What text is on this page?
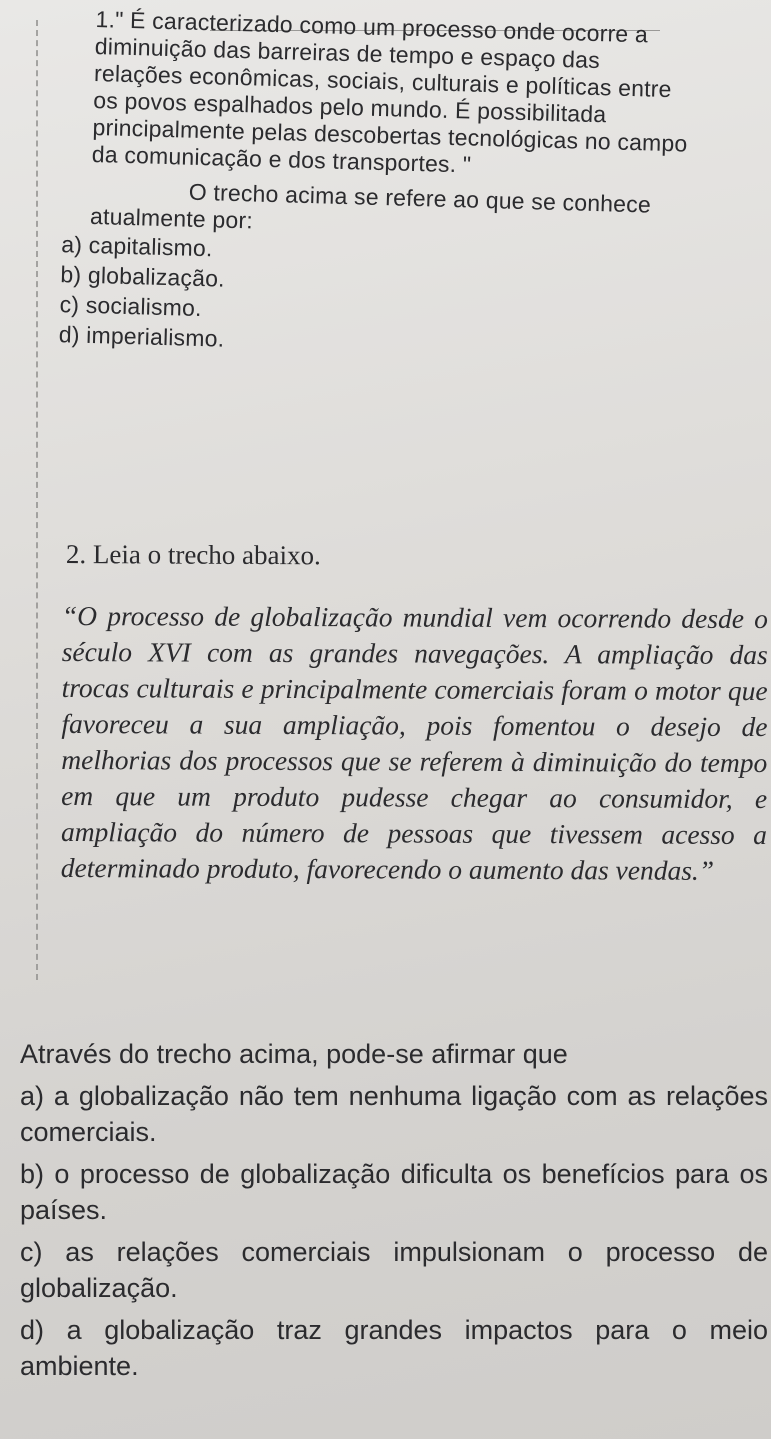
1." É caracterizado como um processo onde ocorre a diminuição das barreiras de tempo e espaço das relações econômicas, sociais, culturais e políticas entre os povos espalhados pelo mundo. É possibilitada principalmente pelas descobertas tecnológicas no campo da comunicação e dos transportes. "

O trecho acima se refere ao que se conhece atualmente por:

a) capitalismo.
b) globalização.
c) socialismo.
d) imperialismo.
2. Leia o trecho abaixo.
“O processo de globalização mundial vem ocorrendo desde o século XVI com as grandes navegações. A ampliação das trocas culturais e principalmente comerciais foram o motor que favoreceu a sua ampliação, pois fomentou o desejo de melhorias dos processos que se referem à diminuição do tempo em que um produto pudesse chegar ao consumidor, e ampliação do número de pessoas que tivessem acesso a determinado produto, favorecendo o aumento das vendas.”

Através do trecho acima, pode-se afirmar que

a) a globalização não tem nenhuma ligação com as relações comerciais.

b) o processo de globalização dificulta os benefícios para os países.

c) as relações comerciais impulsionam o processo de globalização.

d) a globalização traz grandes impactos para o meio ambiente.
